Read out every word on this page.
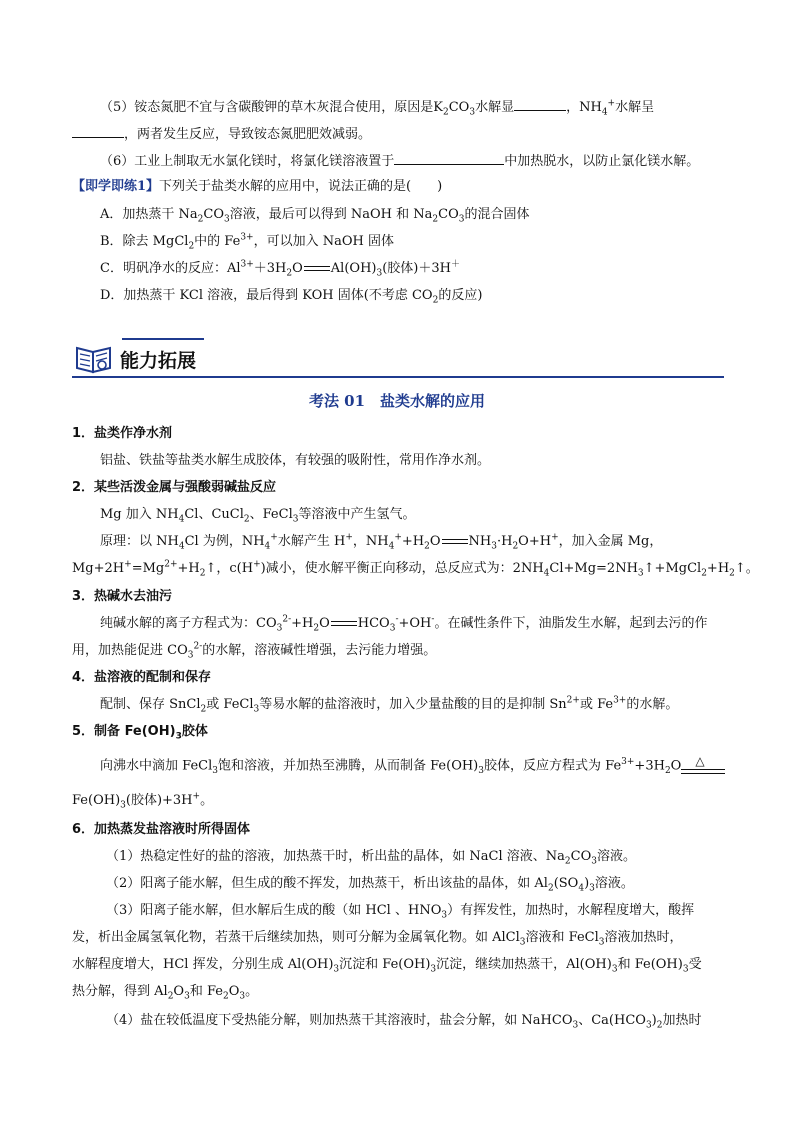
（5）铵态氮肥不宜与含碳酸钾的草木灰混合使用，原因是$K_2CO_3$水解显	，$NH_4^+$水解呈
，两者发生反应，导致铵态氮肥肥效减弱。
（6）工业上制取无水氯化镁时，将氯化镁溶液置于	中加热脱水，以防止氯化镁水解。
【即学即练1】下列关于盐类水解的应用中，说法正确的是(　　)
A．加热蒸干 $Na_2CO_3$溶液，最后可以得到 NaOH 和 $Na_2CO_3$的混合固体
B．除去 MgCl$_2$中的 $Fe^{3+}$，可以加入 NaOH 固体
C．明矾净水的反应：$Al^{3+}+3H_2O$ $Al(OH)_3$(胶体)＋3H＋
D．加热蒸干 KCl 溶液，最后得到 KOH 固体(不考虑 $CO_2$的反应)
能力拓展
考法 01　盐类水解的应用
1．盐类作净水剂
铝盐、铁盐等盐类水解生成胶体，有较强的吸附性，常用作净水剂。
2．某些活泼金属与强酸弱碱盐反应
Mg 加入 $NH_4Cl$、CuCl$_2$、FeCl$_3$等溶液中产生氢气。
原理：以 $NH_4Cl$ 为例，$NH_4^+$水解产生 H+，$NH_4^++H_2O$ $NH_3\cdot H_2O+H^+$，加入金属 Mg，
$Mg+2H^+=Mg^{2+}+H_2↑$，c(H+)减小，使水解平衡正向移动，总反应式为：$2NH_4Cl+Mg=2NH_3↑+MgCl_2+H_2↑$。
3．热碱水去油污
纯碱水解的离子方程式为：$CO_3^{2-}+H_2O$ $HCO_3^-+OH^-$。在碱性条件下，油脂发生水解，起到去污的作
用，加热能促进 $CO_3^{2-}$的水解，溶液碱性增强，去污能力增强。
4．盐溶液的配制和保存
配制、保存 SnCl$_2$或 FeCl$_3$等易水解的盐溶液时，加入少量盐酸的目的是抑制 $Sn^{2+}$或 $Fe^{3+}$的水解。
5．制备 $Fe(OH)_3$胶体
向沸水中滴加 FeCl$_3$饱和溶液，并加热至沸腾，从而制备 $Fe(OH)_3$胶体，反应方程式为 $Fe^{3+}+3H_2O$ △
$Fe(OH)_3$(胶体)+3H+。
6．加热蒸发盐溶液时所得固体
（1）热稳定性好的盐的溶液，加热蒸干时，析出盐的晶体，如 NaCl 溶液、$Na_2CO_3$溶液。
（2）阳离子能水解，但生成的酸不挥发，加热蒸干，析出该盐的晶体，如 $Al_2(SO_4)_3$溶液。
（3）阳离子能水解，但水解后生成的酸（如 HCl 、$HNO_3$）有挥发性，加热时，水解程度增大，酸挥
发，析出金属氢氧化物，若蒸干后继续加热，则可分解为金属氧化物。如 AlCl$_3$溶液和 FeCl$_3$溶液加热时，
水解程度增大，HCl 挥发，分别生成 $Al(OH)_3$沉淀和 $Fe(OH)_3$沉淀，继续加热蒸干，$Al(OH)_3$和 $Fe(OH)_3$受
热分解，得到 $Al_2O_3$和 $Fe_2O_3$。
（4）盐在较低温度下受热能分解，则加热蒸干其溶液时，盐会分解，如 NaHCO$_3$、$Ca(HCO_3)_2$加热时
